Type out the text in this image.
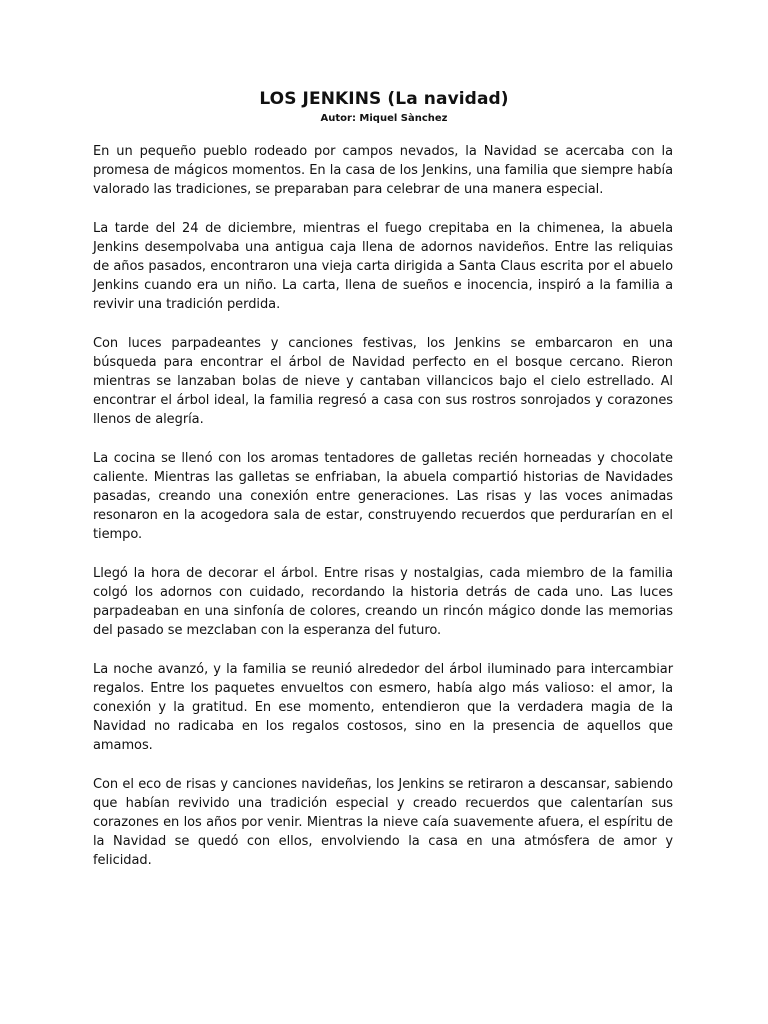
LOS JENKINS (La navidad)
Autor: Miquel Sànchez

En un pequeño pueblo rodeado por campos nevados, la Navidad se acercaba con la promesa de mágicos momentos. En la casa de los Jenkins, una familia que siempre había valorado las tradiciones, se preparaban para celebrar de una manera especial.

La tarde del 24 de diciembre, mientras el fuego crepitaba en la chimenea, la abuela Jenkins desempolvaba una antigua caja llena de adornos navideños. Entre las reliquias de años pasados, encontraron una vieja carta dirigida a Santa Claus escrita por el abuelo Jenkins cuando era un niño. La carta, llena de sueños e inocencia, inspiró a la familia a revivir una tradición perdida.

Con luces parpadeantes y canciones festivas, los Jenkins se embarcaron en una búsqueda para encontrar el árbol de Navidad perfecto en el bosque cercano. Rieron mientras se lanzaban bolas de nieve y cantaban villancicos bajo el cielo estrellado. Al encontrar el árbol ideal, la familia regresó a casa con sus rostros sonrojados y corazones llenos de alegría.

La cocina se llenó con los aromas tentadores de galletas recién horneadas y chocolate caliente. Mientras las galletas se enfriaban, la abuela compartió historias de Navidades pasadas, creando una conexión entre generaciones. Las risas y las voces animadas resonaron en la acogedora sala de estar, construyendo recuerdos que perdurarían en el tiempo.

Llegó la hora de decorar el árbol. Entre risas y nostalgias, cada miembro de la familia colgó los adornos con cuidado, recordando la historia detrás de cada uno. Las luces parpadeaban en una sinfonía de colores, creando un rincón mágico donde las memorias del pasado se mezclaban con la esperanza del futuro.

La noche avanzó, y la familia se reunió alrededor del árbol iluminado para intercambiar regalos. Entre los paquetes envueltos con esmero, había algo más valioso: el amor, la conexión y la gratitud. En ese momento, entendieron que la verdadera magia de la Navidad no radicaba en los regalos costosos, sino en la presencia de aquellos que amamos.

Con el eco de risas y canciones navideñas, los Jenkins se retiraron a descansar, sabiendo que habían revivido una tradición especial y creado recuerdos que calentarían sus corazones en los años por venir. Mientras la nieve caía suavemente afuera, el espíritu de la Navidad se quedó con ellos, envolviendo la casa en una atmósfera de amor y felicidad.
